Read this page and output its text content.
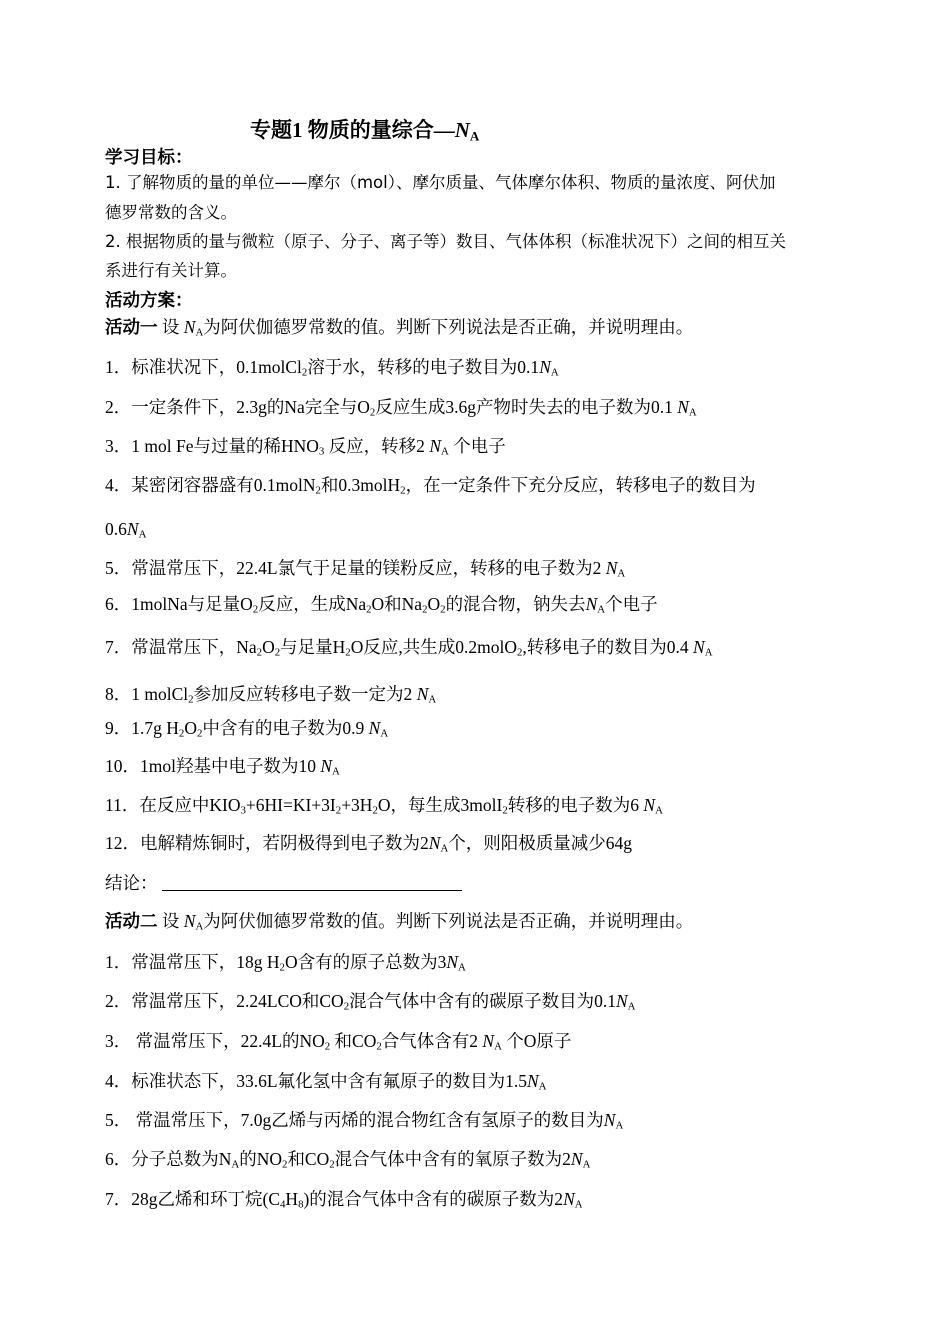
专题1 物质的量综合$—N_A$
学习目标：
1. 了解物质的量的单位——摩尔（mol）、摩尔质量、气体摩尔体积、物质的量浓度、阿伏加
德罗常数的含义。
2. 根据物质的量与微粒（原子、分子、离子等）数目、气体体积（标准状况下）之间的相互关
系进行有关计算。
活动方案：
活动一 设 $N_A$为阿伏伽德罗常数的值。判断下列说法是否正确，并说明理由。
1．标准状况下，0.1molCl$_2$溶于水，转移的电子数目为$0.1N_A$
2．一定条件下，2.3g的Na完全与$O_2$反应生成3.6g产物时失去的电子数为0.1 $N_A$
3．1 mol Fe与过量的稀$HNO_3$ 反应，转移2 $N_A$ 个电子
4．某密闭容器盛有0.1molN$_2$和0.3molH$_2$，在一定条件下充分反应，转移电子的数目为
$0.6N_A$
5．常温常压下，22.4L氯气于足量的镁粉反应，转移的电子数为2 $N_A$
6．1molNa与足量$O_2$反应，生成$Na_2O$和$Na_2O_2$的混合物，钠失去$N_A$个电子
7．常温常压下，$Na_2O_2$与足量$H_2O$反应,共生成0.2molO$_2$,转移电子的数目为0.4 $N_A$
8．1 molCl$_2$参加反应转移电子数一定为2 $N_A$
9．1.7g $H_2O_2$中含有的电子数为0.9 $N_A$
10．1mol羟基中电子数为10 $N_A$
11．在反应中$KIO_3+6HI=KI+3I_2+3H_2O$，每生成3molI$_2$转移的电子数为6 $N_A$
12．电解精炼铜时，若阴极得到电子数为$2N_A$个，则阳极质量减少64g
结论：
活动二 设 $N_A$为阿伏伽德罗常数的值。判断下列说法是否正确，并说明理由。
1．常温常压下，18g $H_2O$含有的原子总数为$3N_A$
2．常温常压下，2.24LCO和$CO_2$混合气体中含有的碳原子数目为$0.1N_A$
3． 常温常压下，22.4L的$NO_2$ 和$CO_2$合气体含有2 $N_A$ 个O原子
4．标准状态下，33.6L氟化氢中含有氟原子的数目为$1.5N_A$
5． 常温常压下，7.0g乙烯与丙烯的混合物红含有氢原子的数目为$N_A$
6．分子总数为$N_A$的$NO_2$和$CO_2$混合气体中含有的氧原子数为$2N_A$
7．28g乙烯和环丁烷$(C_4H_8)$的混合气体中含有的碳原子数为$2N_A$
